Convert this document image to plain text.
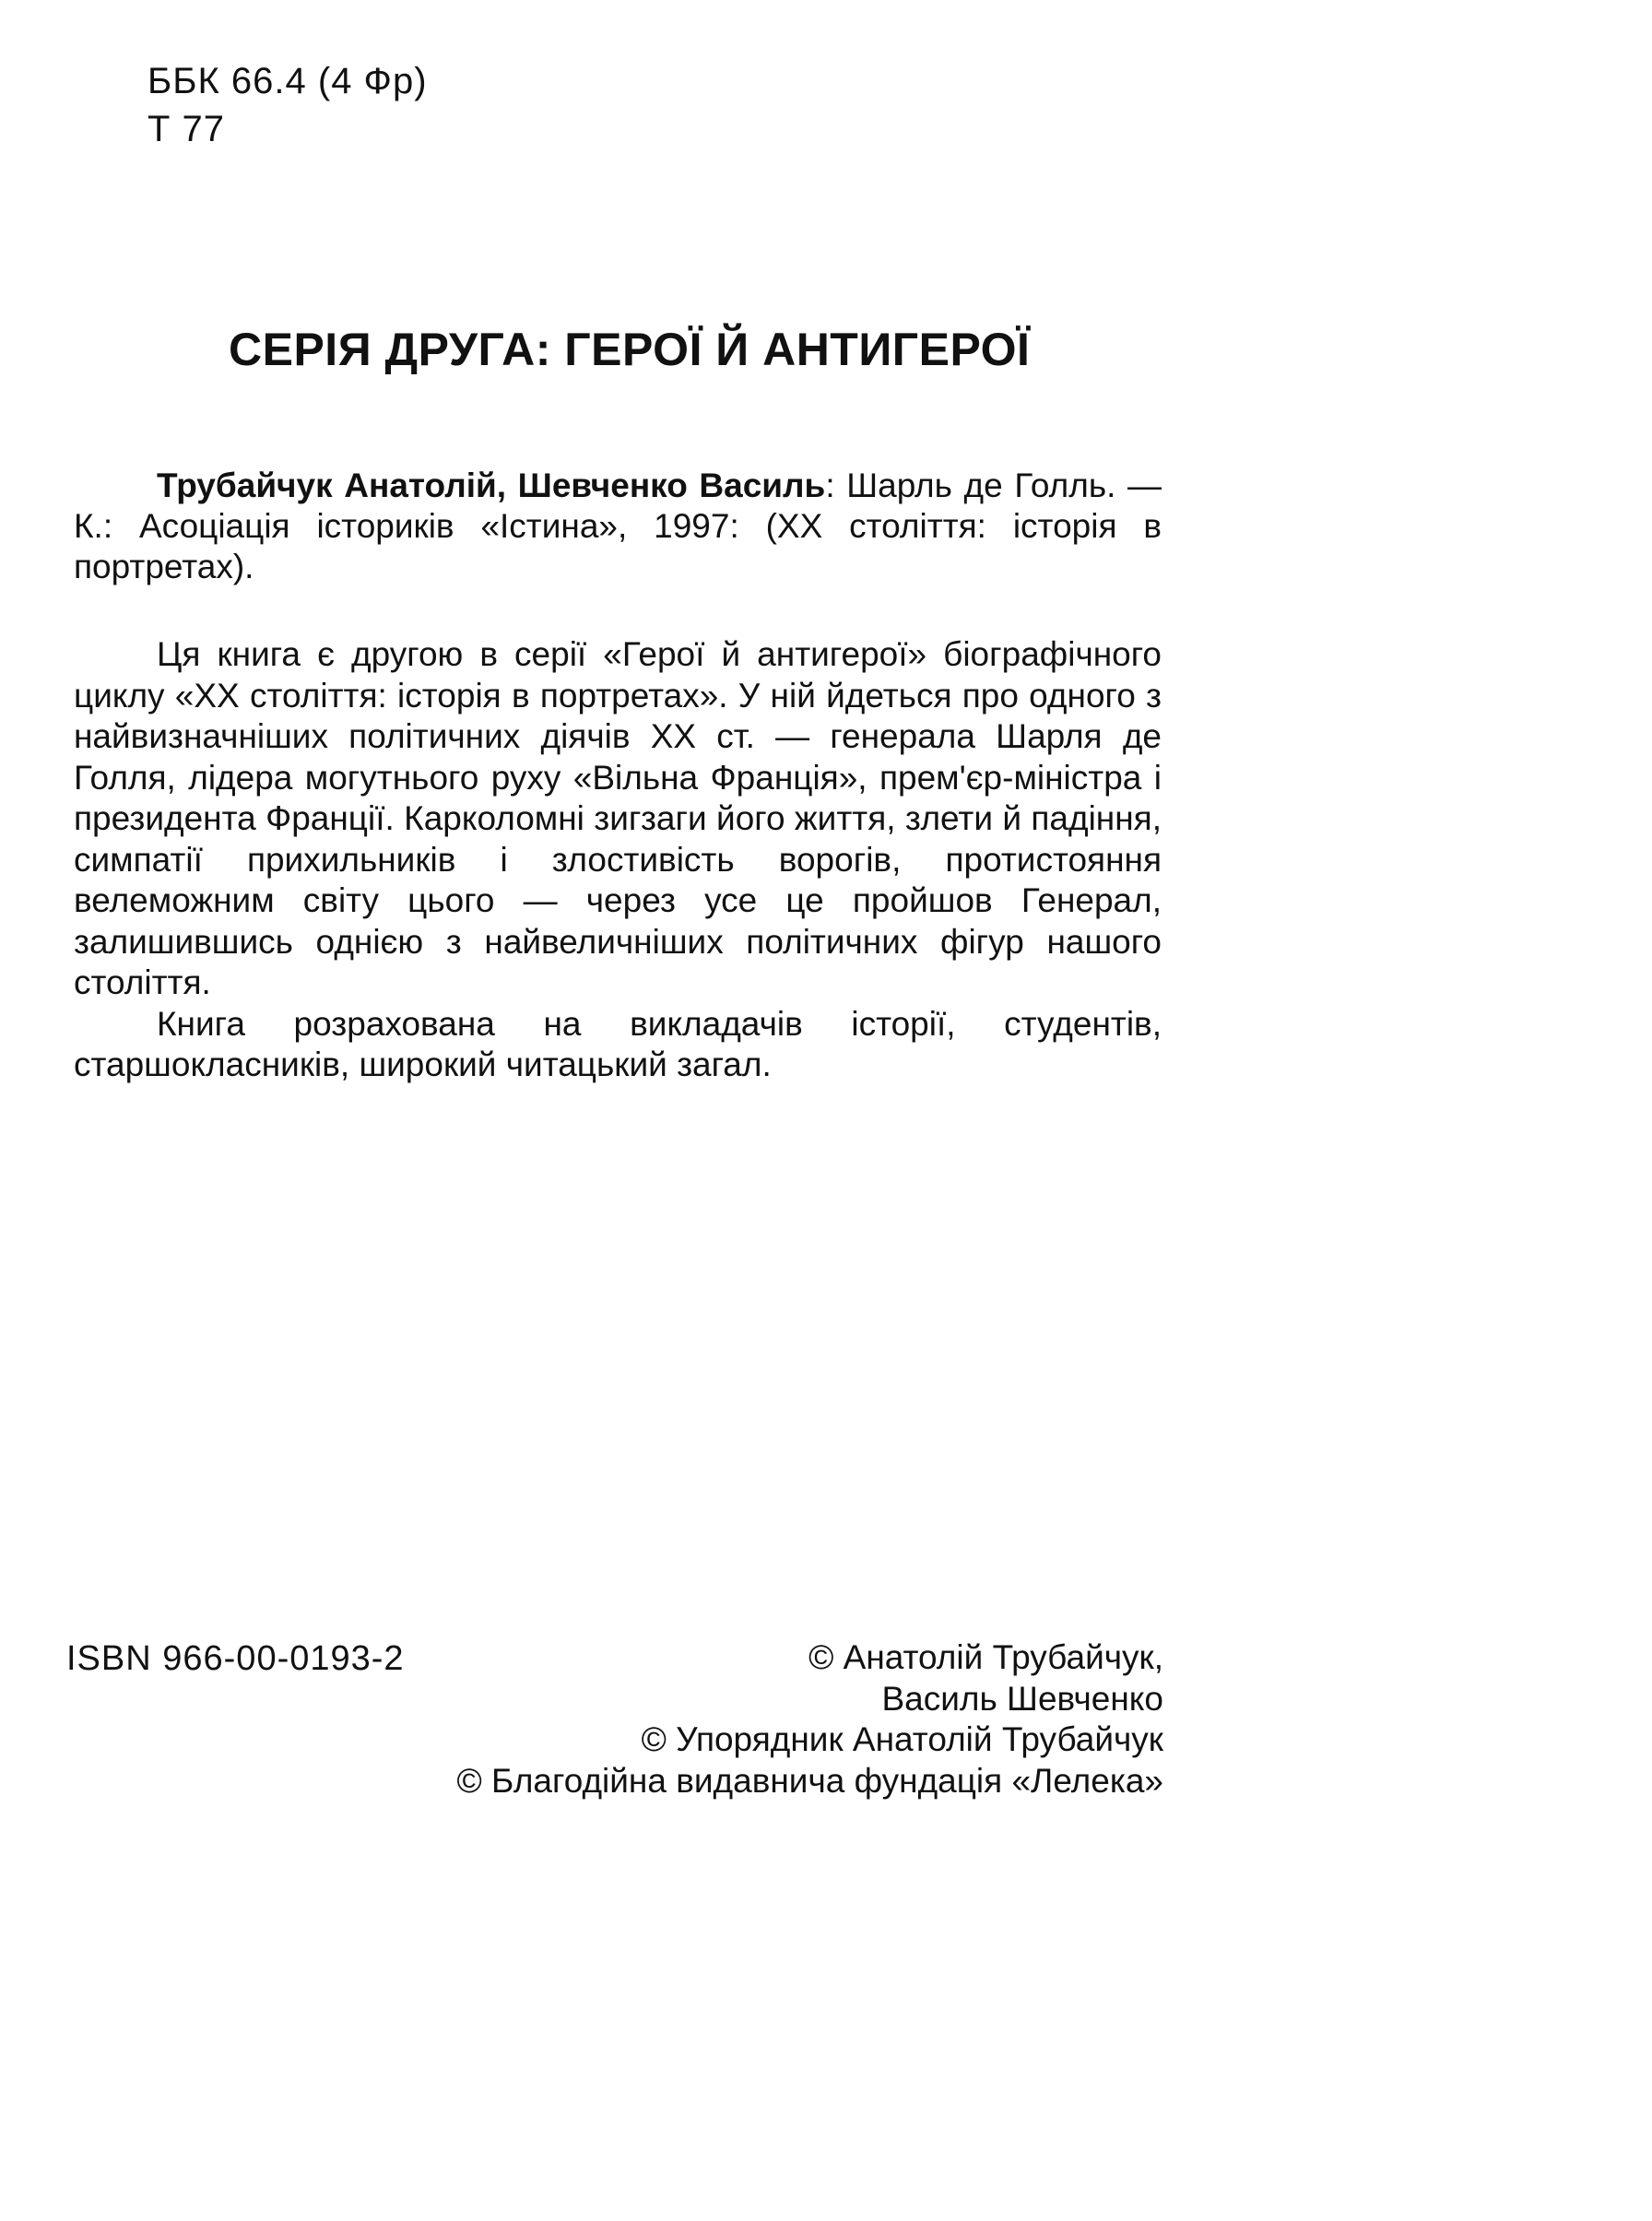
ББК 66.4 (4 Фр)
Т 77
СЕРІЯ ДРУГА: ГЕРОЇ Й АНТИГЕРОЇ

Трубайчук Анатолій, Шевченко Василь: Шарль де Голль. — К.: Асоціація істориків «Істина», 1997: (XX століття: історія в портретах).

Ця книга є другою в серії «Герої й антигерої» біографічного циклу «XX століття: історія в портретах». У ній йдеться про одного з найвизначніших політичних діячів XX ст. — генерала Шарля де Голля, лідера могутнього руху «Вільна Франція», прем'єр-міністра і президента Франції. Карколомні зигзаги його життя, злети й падіння, симпатії прихильників і злостивість ворогів, протистояння велеможним світу цього — через усе це пройшов Генерал, залишившись однією з найвеличніших політичних фігур нашого століття.

Книга розрахована на викладачів історії, студентів, старшокласників, широкий читацький загал.

ISBN 966-00-0193-2	© Анатолій Трубайчук,
Василь Шевченко
© Упорядник Анатолій Трубайчук
© Благодійна видавнича фундація «Лелека»
